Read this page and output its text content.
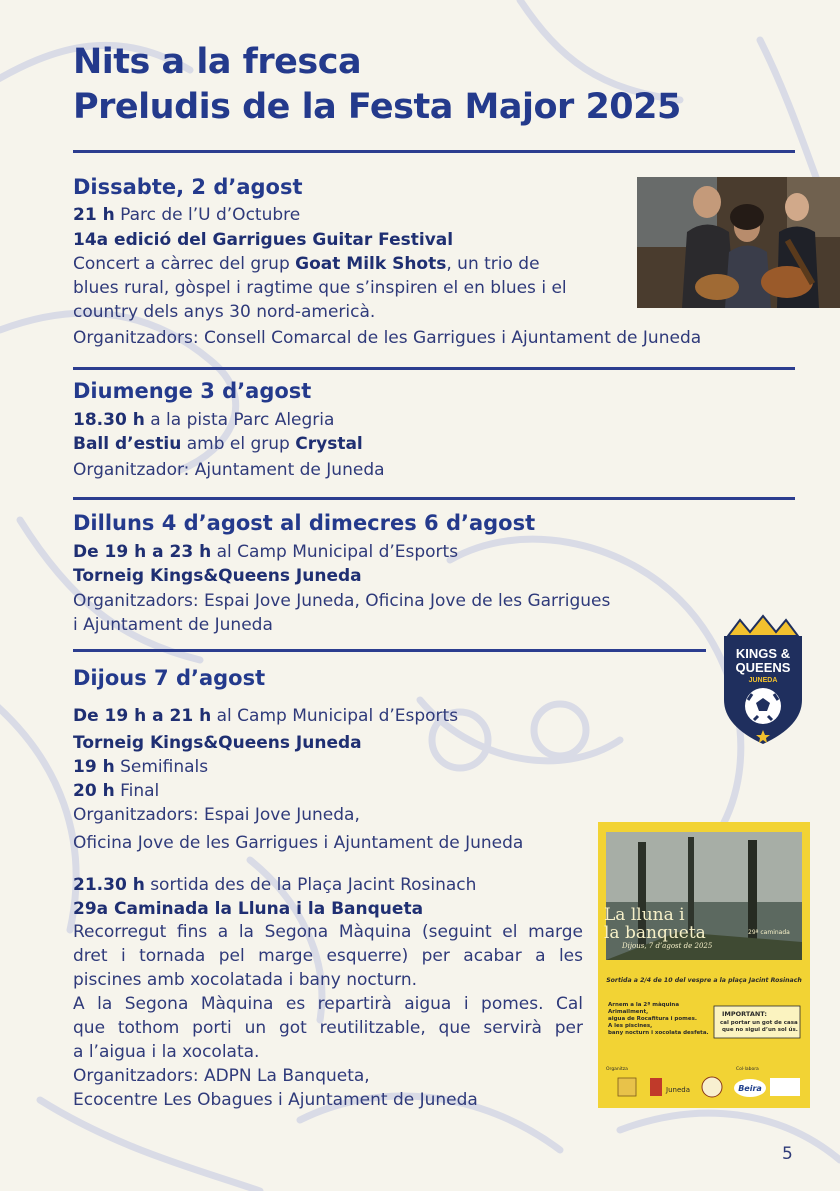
Nits a la fresca
Preludis de la Festa Major 2025
Dissabte, 2 d’agost

21 h Parc de l’U d’Octubre

14a edició del Garrigues Guitar Festival

Concert a càrrec del grup Goat Milk Shots, un trio de

blues rural, gòspel i ragtime que s’inspiren el en blues i el

country dels anys 30 nord-americà.

Organitzadors: Consell Comarcal de les Garrigues i Ajuntament de Juneda

Diumenge 3 d’agost

18.30 h a la pista Parc Alegria

Ball d’estiu amb el grup Crystal

Organitzador: Ajuntament de Juneda

Dilluns 4 d’agost al dimecres 6 d’agost

De 19 h a 23 h al Camp Municipal d’Esports

Torneig Kings&Queens Juneda

Organitzadors: Espai Jove Juneda, Oficina Jove de les Garrigues

i Ajuntament de Juneda

KINGS &
QUEENS
JUNEDA
Dijous 7 d’agost

De 19 h a 21 h al Camp Municipal d’Esports

Torneig Kings&Queens Juneda

19 h Semifinals

20 h Final

Organitzadors: Espai Jove Juneda,

Oficina Jove de les Garrigues i Ajuntament de Juneda

21.30 h sortida des de la Plaça Jacint Rosinach

29a Caminada la Lluna i la Banqueta

Recorregut fins a la Segona Màquina (seguint el marge

dret i tornada pel marge esquerre) per acabar a les

piscines amb xocolatada i bany nocturn.

A la Segona Màquina es repartirà aigua i pomes. Cal

que tothom porti un got reutilitzable, que servirà per

a l’aigua i la xocolata.

Organitzadors: ADPN La Banqueta,

Ecocentre Les Obagues i Ajuntament de Juneda

La lluna i
la banqueta	29ª caminada
Dijous, 7 d’agost de 2025
Sortida a 2/4 de 10 del vespre a la plaça Jacint Rosinach
Arnem a la 2ª màquina Arimailment, aigua de Rocafitura i pomes. A les piscines, bany nocturn i xocolata desfeta.
IMPORTANT:
cal portar un got de casa que no sigui d’un sol ús.
Organitza	Col·labora
Juneda	Beira
5
